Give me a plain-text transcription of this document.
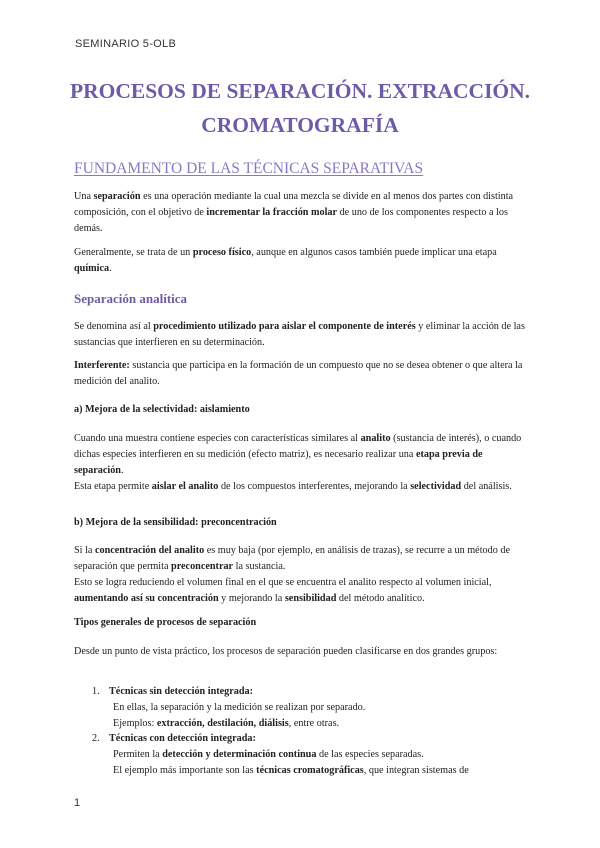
SEMINARIO 5-OLB
PROCESOS DE SEPARACIÓN. EXTRACCIÓN.
CROMATOGRAFÍA
FUNDAMENTO DE LAS TÉCNICAS SEPARATIVAS

Una separación es una operación mediante la cual una mezcla se divide en al menos dos partes con distinta composición, con el objetivo de incrementar la fracción molar de uno de los componentes respecto a los demás.

Generalmente, se trata de un proceso físico, aunque en algunos casos también puede implicar una etapa química.

Separación analítica

Se denomina así al procedimiento utilizado para aislar el componente de interés y eliminar la acción de las sustancias que interfieren en su determinación.

Interferente: sustancia que participa en la formación de un compuesto que no se desea obtener o que altera la medición del analito.

a) Mejora de la selectividad: aislamiento

Cuando una muestra contiene especies con características similares al analito (sustancia de interés), o cuando dichas especies interfieren en su medición (efecto matriz), es necesario realizar una etapa previa de separación.
Esta etapa permite aislar el analito de los compuestos interferentes, mejorando la selectividad del análisis.

b) Mejora de la sensibilidad: preconcentración

Si la concentración del analito es muy baja (por ejemplo, en análisis de trazas), se recurre a un método de separación que permita preconcentrar la sustancia.
Esto se logra reduciendo el volumen final en el que se encuentra el analito respecto al volumen inicial, aumentando así su concentración y mejorando la sensibilidad del método analítico.

Tipos generales de procesos de separación

Desde un punto de vista práctico, los procesos de separación pueden clasificarse en dos grandes grupos:

1. Técnicas sin detección integrada:
En ellas, la separación y la medición se realizan por separado.
Ejemplos: extracción, destilación, diálisis, entre otras.
2. Técnicas con detección integrada:
Permiten la detección y determinación continua de las especies separadas.
El ejemplo más importante son las técnicas cromatográficas, que integran sistemas de
1
